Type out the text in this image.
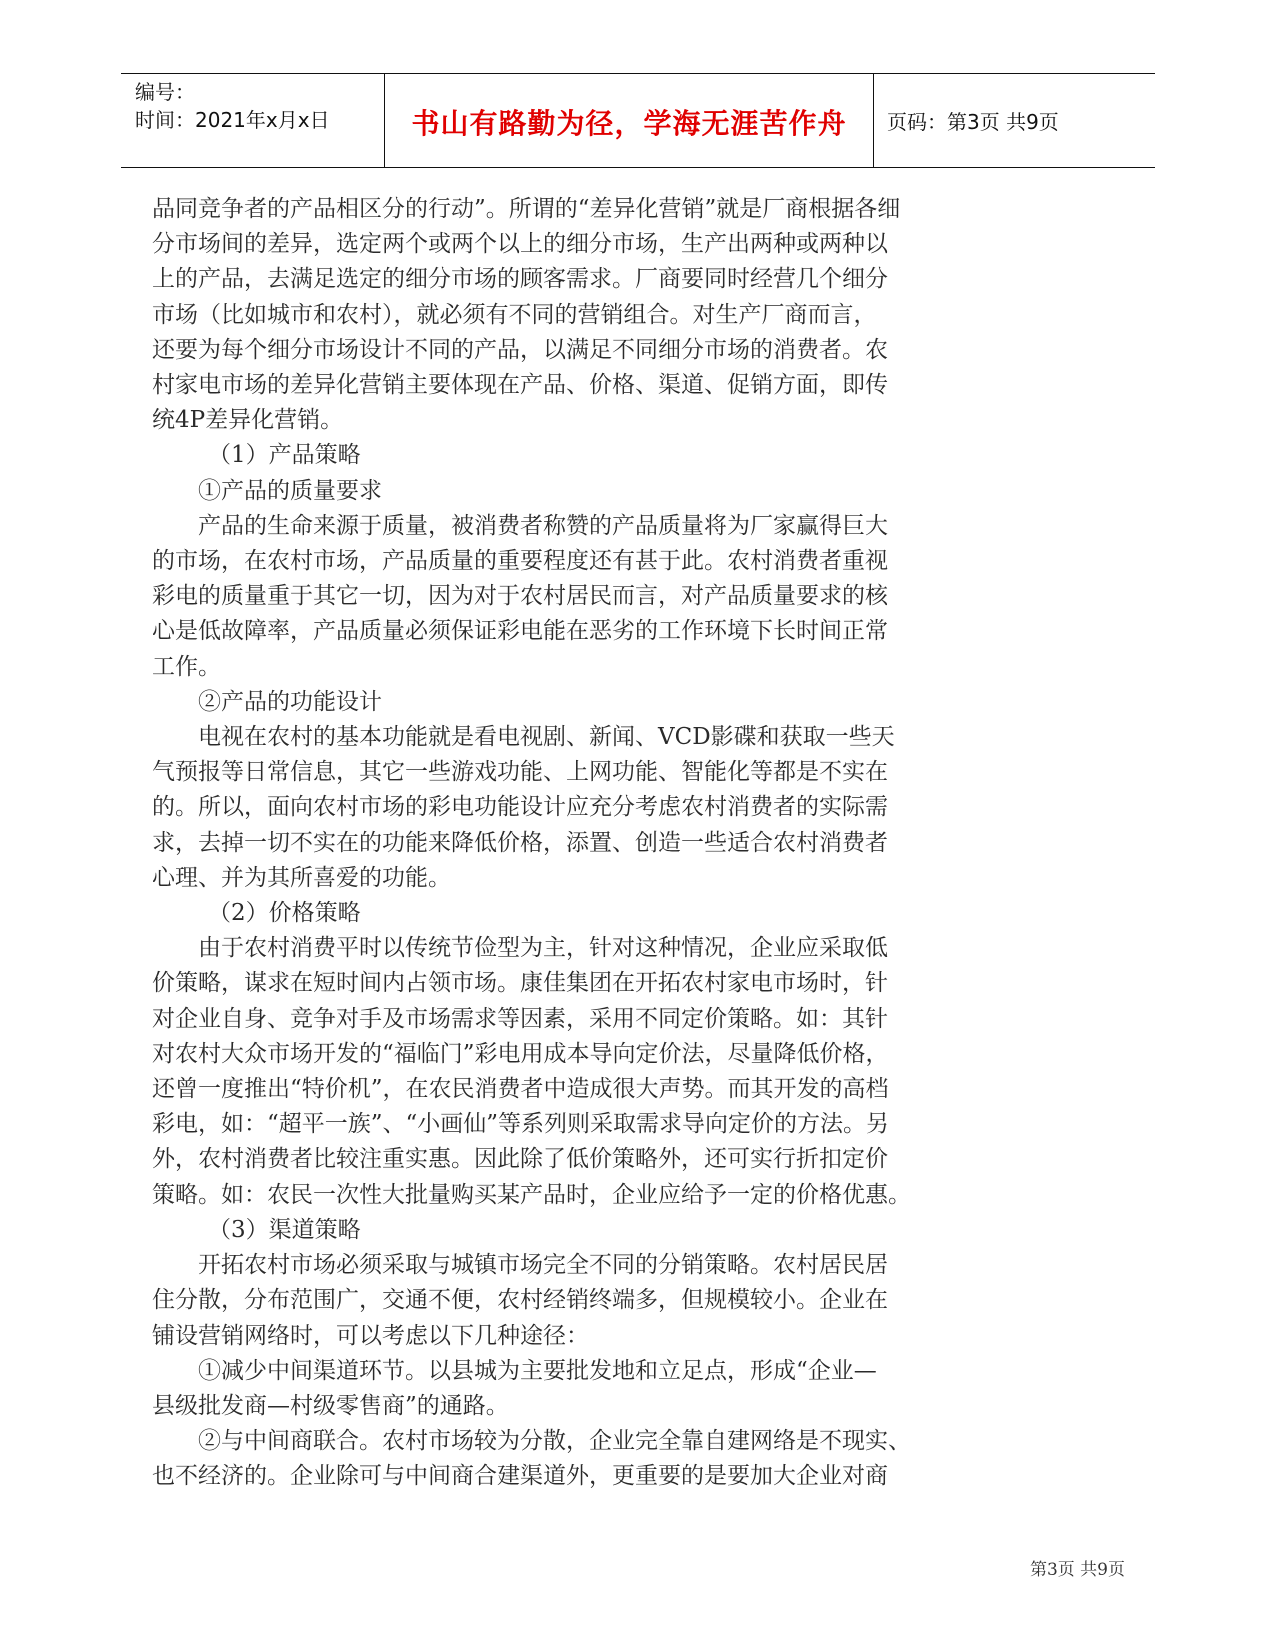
编号：
时间：2021年x月x日	书山有路勤为径，学海无涯苦作舟	页码：第3页 共9页
品同竞争者的产品相区分的行动”。所谓的“差异化营销”就是厂商根据各细
分市场间的差异，选定两个或两个以上的细分市场，生产出两种或两种以
上的产品，去满足选定的细分市场的顾客需求。厂商要同时经营几个细分
市场（比如城市和农村），就必须有不同的营销组合。对生产厂商而言，
还要为每个细分市场设计不同的产品，以满足不同细分市场的消费者。农
村家电市场的差异化营销主要体现在产品、价格、渠道、促销方面，即传
统4P差异化营销。
（1）产品策略
①产品的质量要求
产品的生命来源于质量，被消费者称赞的产品质量将为厂家赢得巨大
的市场，在农村市场，产品质量的重要程度还有甚于此。农村消费者重视
彩电的质量重于其它一切，因为对于农村居民而言，对产品质量要求的核
心是低故障率，产品质量必须保证彩电能在恶劣的工作环境下长时间正常
工作。
②产品的功能设计
电视在农村的基本功能就是看电视剧、新闻、VCD影碟和获取一些天
气预报等日常信息，其它一些游戏功能、上网功能、智能化等都是不实在
的。所以，面向农村市场的彩电功能设计应充分考虑农村消费者的实际需
求，去掉一切不实在的功能来降低价格，添置、创造一些适合农村消费者
心理、并为其所喜爱的功能。
（2）价格策略
由于农村消费平时以传统节俭型为主，针对这种情况，企业应采取低
价策略，谋求在短时间内占领市场。康佳集团在开拓农村家电市场时，针
对企业自身、竞争对手及市场需求等因素，采用不同定价策略。如：其针
对农村大众市场开发的“福临门”彩电用成本导向定价法，尽量降低价格，
还曾一度推出“特价机”，在农民消费者中造成很大声势。而其开发的高档
彩电，如：“超平一族”、“小画仙”等系列则采取需求导向定价的方法。另
外，农村消费者比较注重实惠。因此除了低价策略外，还可实行折扣定价
策略。如：农民一次性大批量购买某产品时，企业应给予一定的价格优惠。
（3）渠道策略
开拓农村市场必须采取与城镇市场完全不同的分销策略。农村居民居
住分散，分布范围广，交通不便，农村经销终端多，但规模较小。企业在
铺设营销网络时，可以考虑以下几种途径：
①减少中间渠道环节。以县城为主要批发地和立足点，形成“企业—
县级批发商—村级零售商”的通路。
②与中间商联合。农村市场较为分散，企业完全靠自建网络是不现实、
也不经济的。企业除可与中间商合建渠道外，更重要的是要加大企业对商
第3页 共9页
